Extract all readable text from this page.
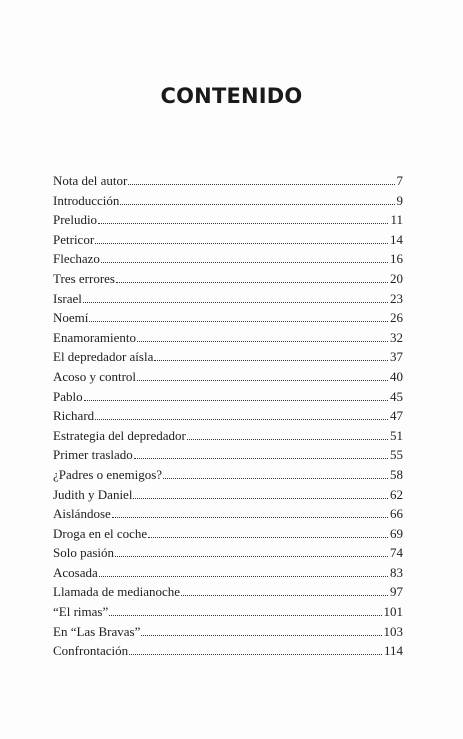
CONTENIDO
Nota del autor	7
Introducción	9
Preludio	11
Petricor	14
Flechazo	16
Tres errores	20
Israel	23
Noemí	26
Enamoramiento	32
El depredador aísla	37
Acoso y control	40
Pablo	45
Richard	47
Estrategia del depredador	51
Primer traslado	55
¿Padres o enemigos?	58
Judith y Daniel	62
Aislándose	66
Droga en el coche	69
Solo pasión	74
Acosada	83
Llamada de medianoche	97
“El rimas”	101
En “Las Bravas”	103
Confrontación	114
